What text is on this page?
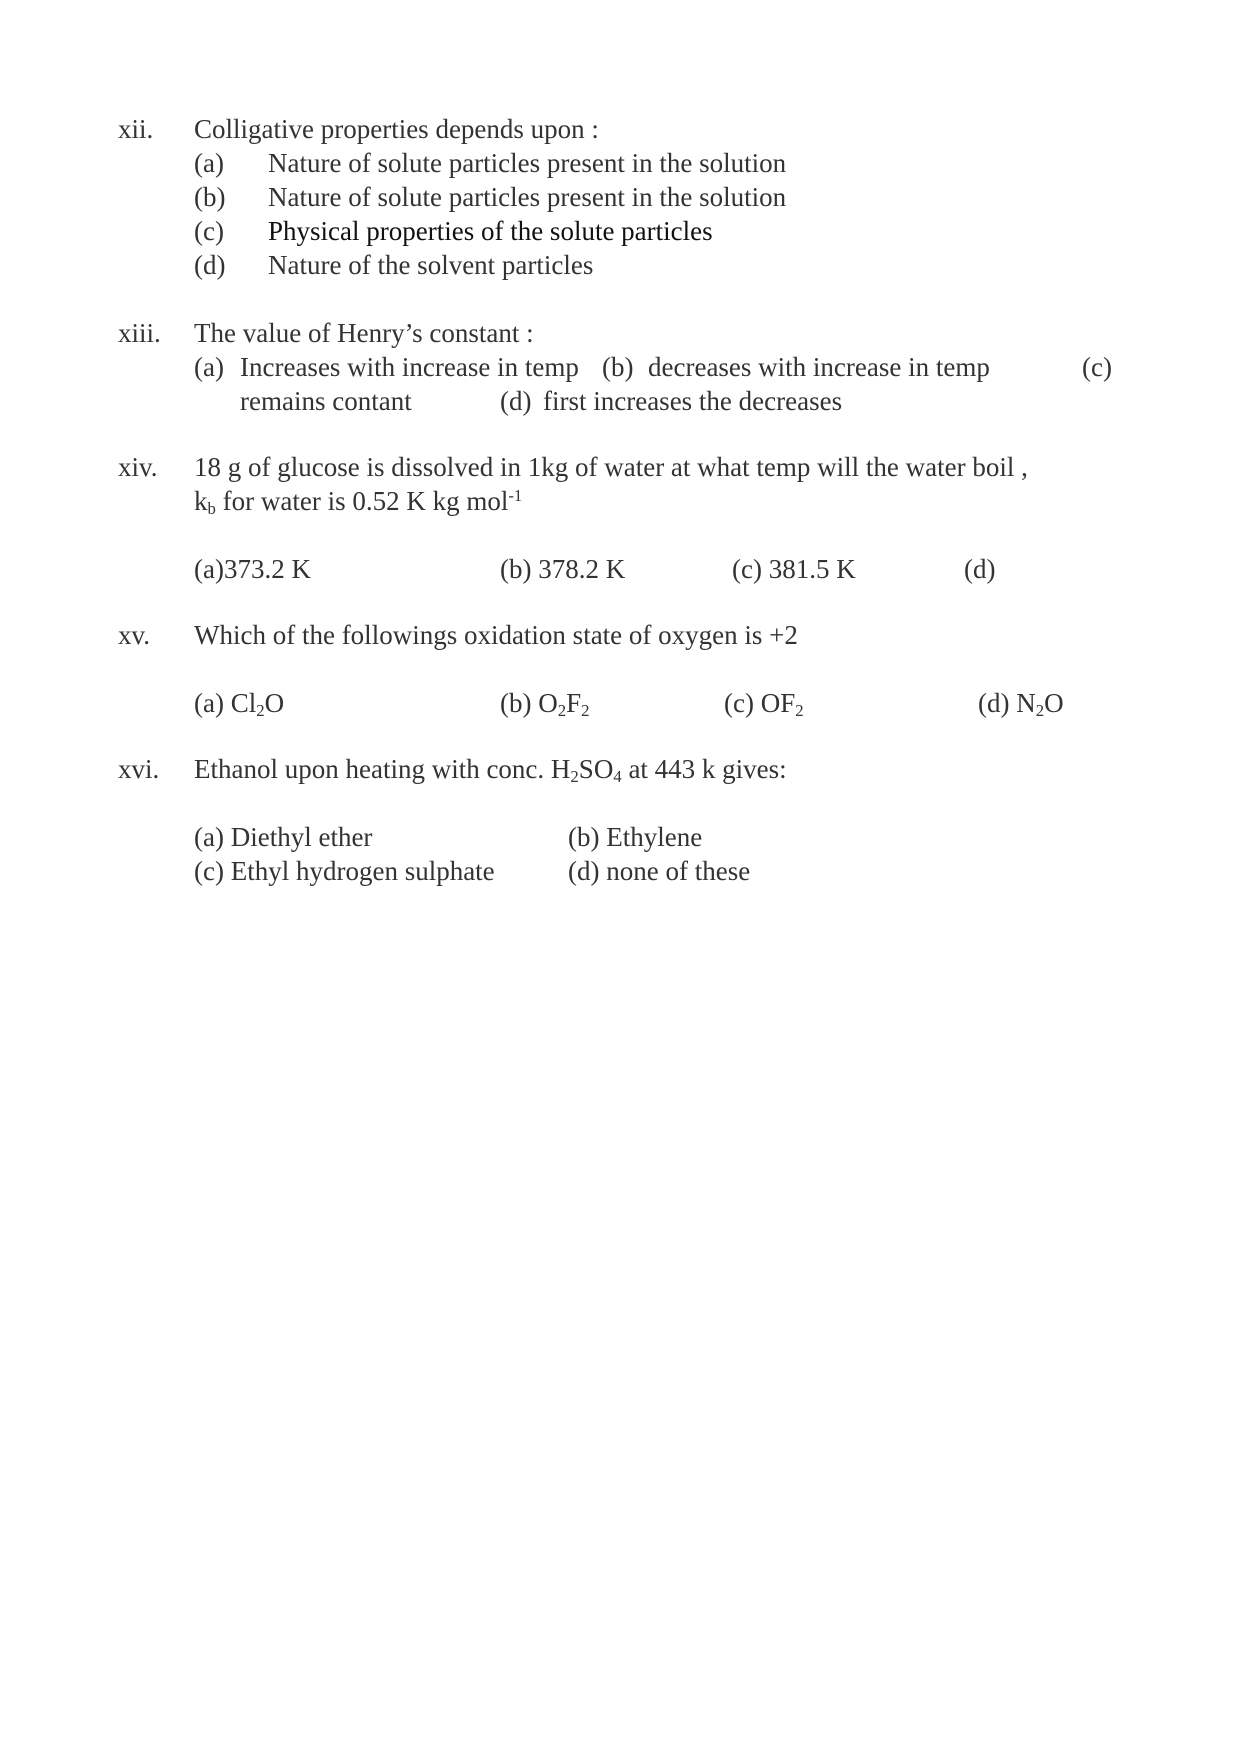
xii. Colligative properties depends upon :
(a) Nature of solute particles present in the solution
(b) Nature of solute particles present in the solution
(c) Physical properties of the solute particles
(d) Nature of the solvent particles
xiii. The value of Henry’s constant :
(a) Increases with increase in temp (b) decreases with increase in temp	(c)
remains contant	(d) first increases the decreases
xiv. 18 g of glucose is dissolved in 1kg of water at what temp will the water boil ,
kb for water is 0.52 K kg mol$^{-1}$
(a)373.2 K	(b) 378.2 K	(c) 381.5 K	(d)
xv. Which of the followings oxidation state of oxygen is +2
(a) Cl2O	(b) O2F2	(c) OF2	(d) N2O
xvi. Ethanol upon heating with conc. H2SO4 at 443 k gives:
(a) Diethyl ether	(b) Ethylene
(c) Ethyl hydrogen sulphate	(d) none of these
